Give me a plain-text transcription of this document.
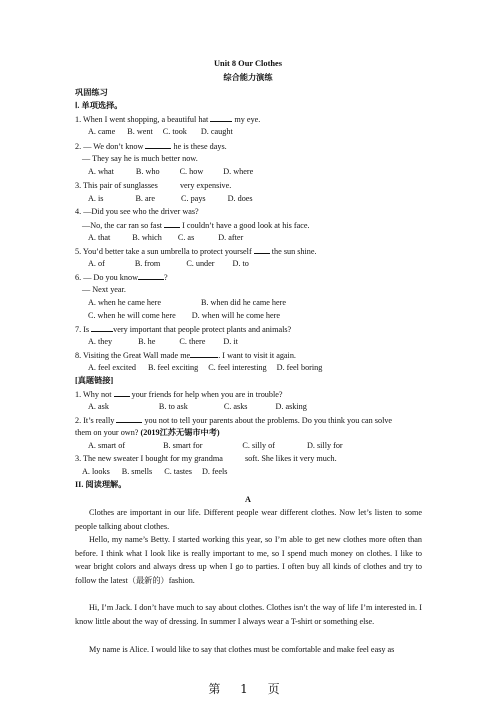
Unit 8 Our Clothes
综合能力演练
巩固练习
Ⅰ. 单项选择。
1. When I went shopping, a beautiful hat	my eye.
A. came B. went C. took D. caught
2. — We don’t know	he is these days.
— They say he is much better now.
A. what	B. who C. how D. where
3. This pair of sunglasses	very expensive.
A. is	B. are	C. pays	D. does
4. —Did you see who the driver was?
—No, the car ran so fast I couldn’t have a good look at his face.
A. that	B. which C. as	D. after
5. You’d better take a sun umbrella to protect yourself the sun shine.
A. of	B. from	C. under D. to
6. — Do you know	?
— Next year.
A. when he came here	B. when did he came here
C. when he will come here D. when will he come here
7. Is	very important that people protect plants and animals?
A. they	B. he	C. there D. it
8. Visiting the Great Wall made me	. I want to visit it again.
A. feel excited B. feel exciting C. feel interesting D. feel boring
[真题链接]
1. Why not your friends for help when you are in trouble?
A. ask	B. to ask	C. asks	D. asking
2. It’s really	you not to tell your parents about the problems. Do you think you can solve
them on your own? (2019江苏无锡市中考)
A. smart of	B. smart for	C. silly of	D. silly for
3. The new sweater I bought for my grandma	soft. She likes it very much.
A. looks B. smells C. tastes D. feels
II. 阅读理解。
A
Clothes are important in our life. Different people wear different clothes. Now let’s listen to some people talking about clothes.
Hello, my name’s Betty. I started working this year, so I’m able to get new clothes more often than before. I think what I look like is really important to me, so I spend much money on clothes. I like to wear bright colors and always dress up when I go to parties. I often buy all kinds of clothes and try to follow the latest（最新的）fashion.
Hi, I’m Jack. I don’t have much to say about clothes. Clothes isn’t the way of life I’m interested in. I know little about the way of dressing. In summer I always wear a T-shirt or something else.
My name is Alice. I would like to say that clothes must be comfortable and make feel easy as
第 1 页
